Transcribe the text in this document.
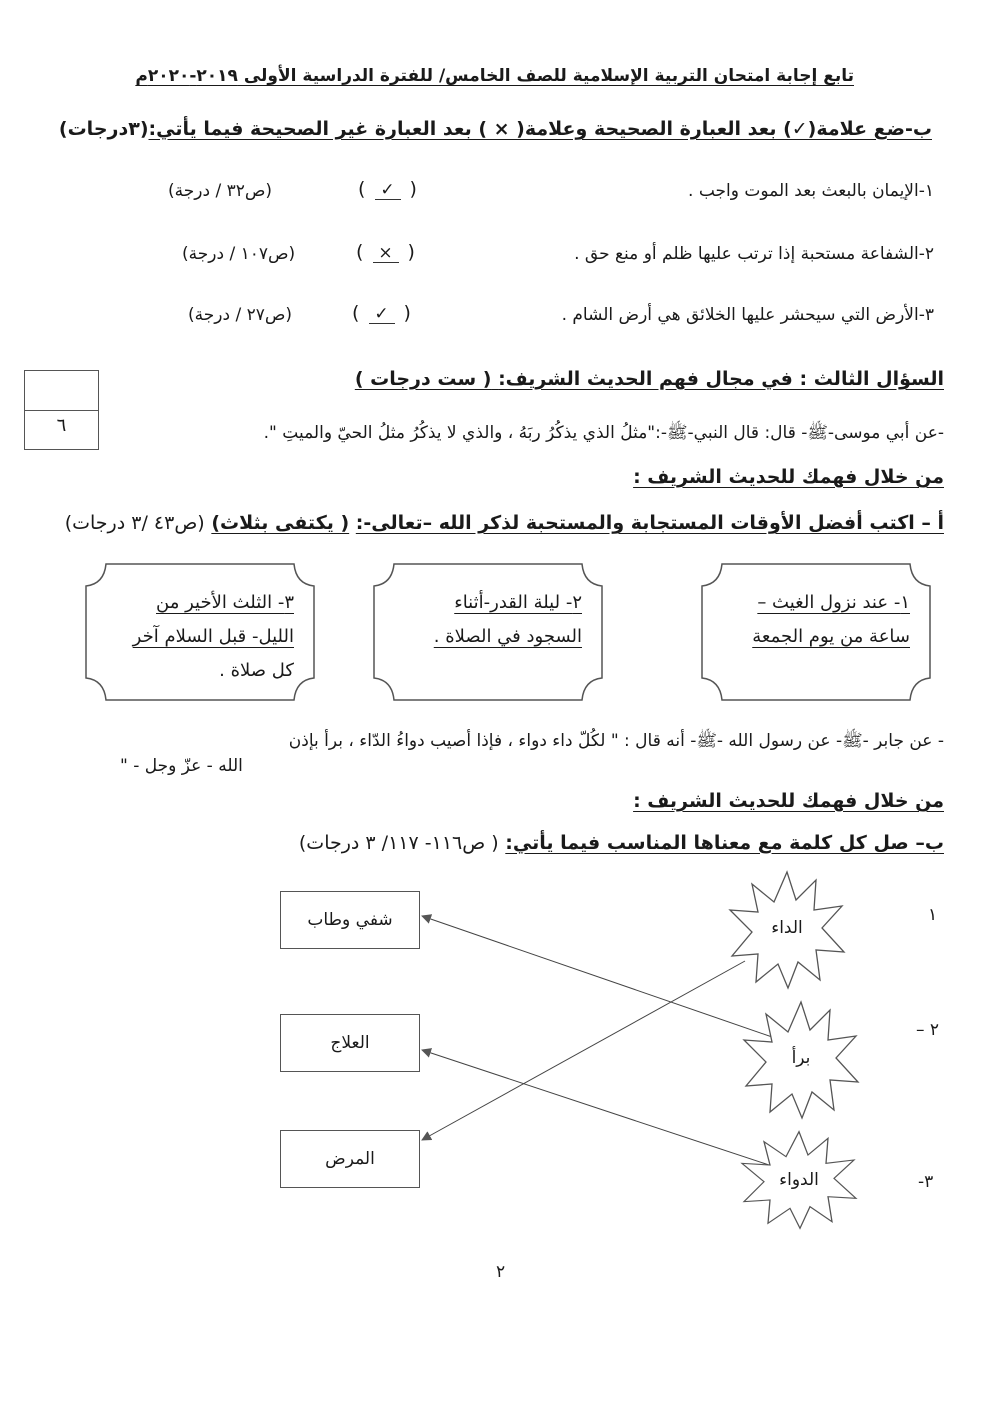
تابع إجابة امتحان التربية الإسلامية للصف الخامس/ للفترة الدراسية الأولى ٢٠١٩-٢٠٢٠م
ب-ضع علامة(✓) بعد العبارة الصحيحة وعلامة( × ) بعد العبارة غير الصحيحة فيما يأتي:(٣درجات)
١-الإيمان بالبعث بعد الموت واجب .
( ✓ )
(ص٣٢ / درجة)
٢-الشفاعة مستحبة إذا ترتب عليها ظلم أو منع حق .
( × )
(ص١٠٧ / درجة)
٣-الأرض التي سيحشر عليها الخلائق هي أرض الشام .
( ✓ )
(ص٢٧ / درجة)
السؤال الثالث : في مجال فهم الحديث الشريف: ( ست درجات )
٦	-عن أبي موسى-ﷺ- قال: قال النبي-ﷺ-:"مثلُ الذي يذكُرُ ربَهُ ، والذي لا يذكُرُ مثلُ الحيّ والميتِ ".
من خلال فهمك للحديث الشريف :
أ – اكتب أفضل الأوقات المستجابة والمستحبة لذكر الله –تعالى-: ( يكتفى بثلاث) (ص٤٣ /٣ درجات)
١- عند نزول الغيث –
ساعة من يوم الجمعة
٢- ليلة القدر-أثناء
السجود في الصلاة .
٣- الثلث الأخير من
الليل- قبل السلام آخر
كل صلاة .
- عن جابر -ﷺ- عن رسول الله -ﷺ- أنه قال : " لكُلّ داء دواء ، فإذا أصيب دواءُ الدّاء ، برأ بإذن
الله - عزّ وجل - "
من خلال فهمك للحديث الشريف :
ب– صل كل كلمة مع معناها المناسب فيما يأتي: ( ص١١٦- ١١٧/ ٣ درجات)
شفي وطاب
العلاج
المرض
الداء
برأ
الدواء
١
٢ –
٣-
٢
